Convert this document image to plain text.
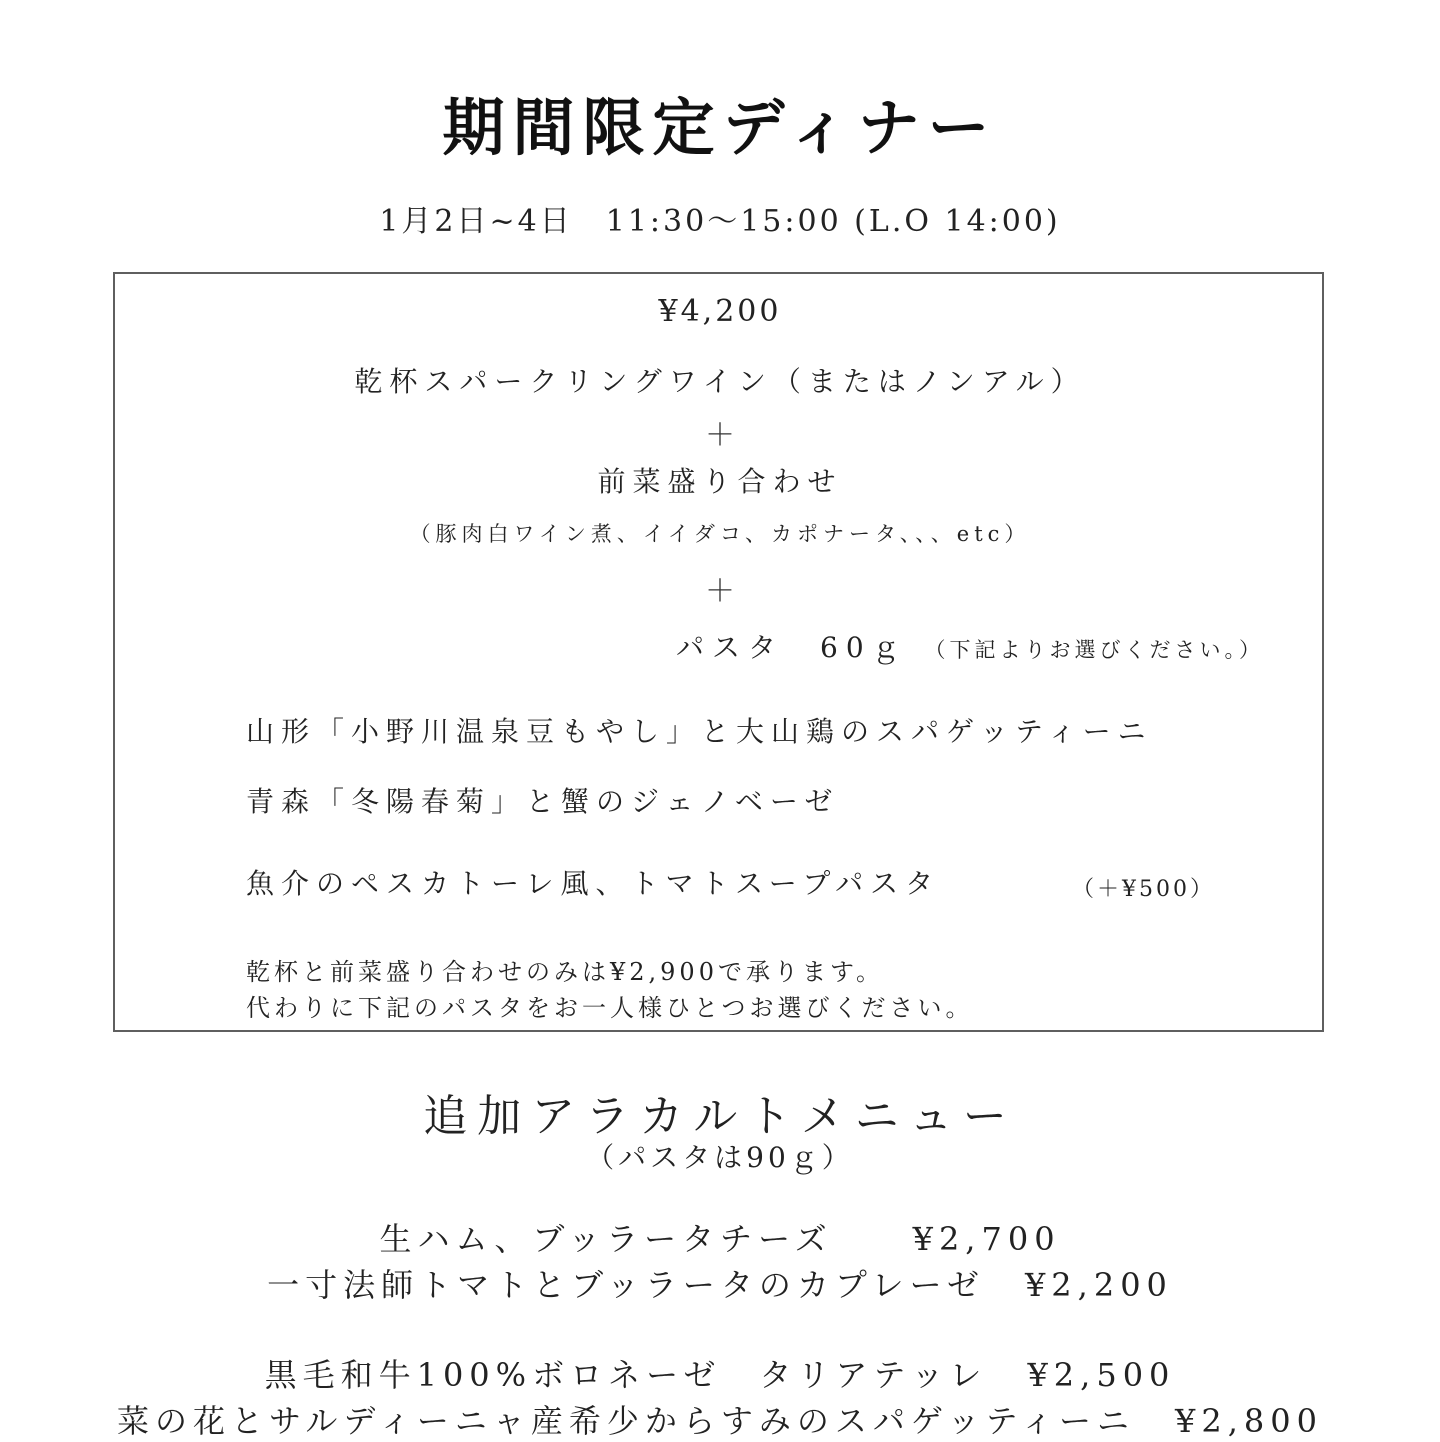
期間限定ディナー
1月2日~4日　11:30～15:00 (L.O 14:00)
¥4,200
乾杯スパークリングワイン（またはノンアル）
＋
前菜盛り合わせ
（豚肉白ワイン煮、イイダコ、カポナータ、、、etc）
＋
パスタ　60ｇ （下記よりお選びください。）
山形「小野川温泉豆もやし」と大山鶏のスパゲッティーニ
青森「冬陽春菊」と蟹のジェノベーゼ
魚介のペスカトーレ風、トマトスープパスタ	（＋¥500）
乾杯と前菜盛り合わせのみは¥2,900で承ります。
代わりに下記のパスタをお一人様ひとつお選びください。
追加アラカルトメニュー
（パスタは90ｇ）
生ハム、ブッラータチーズ	¥2,700
一寸法師トマトとブッラータのカプレーゼ ¥2,200
黒毛和牛100%ボロネーゼ　タリアテッレ ¥2,500
菜の花とサルディーニャ産希少からすみのスパゲッティーニ ¥2,800
